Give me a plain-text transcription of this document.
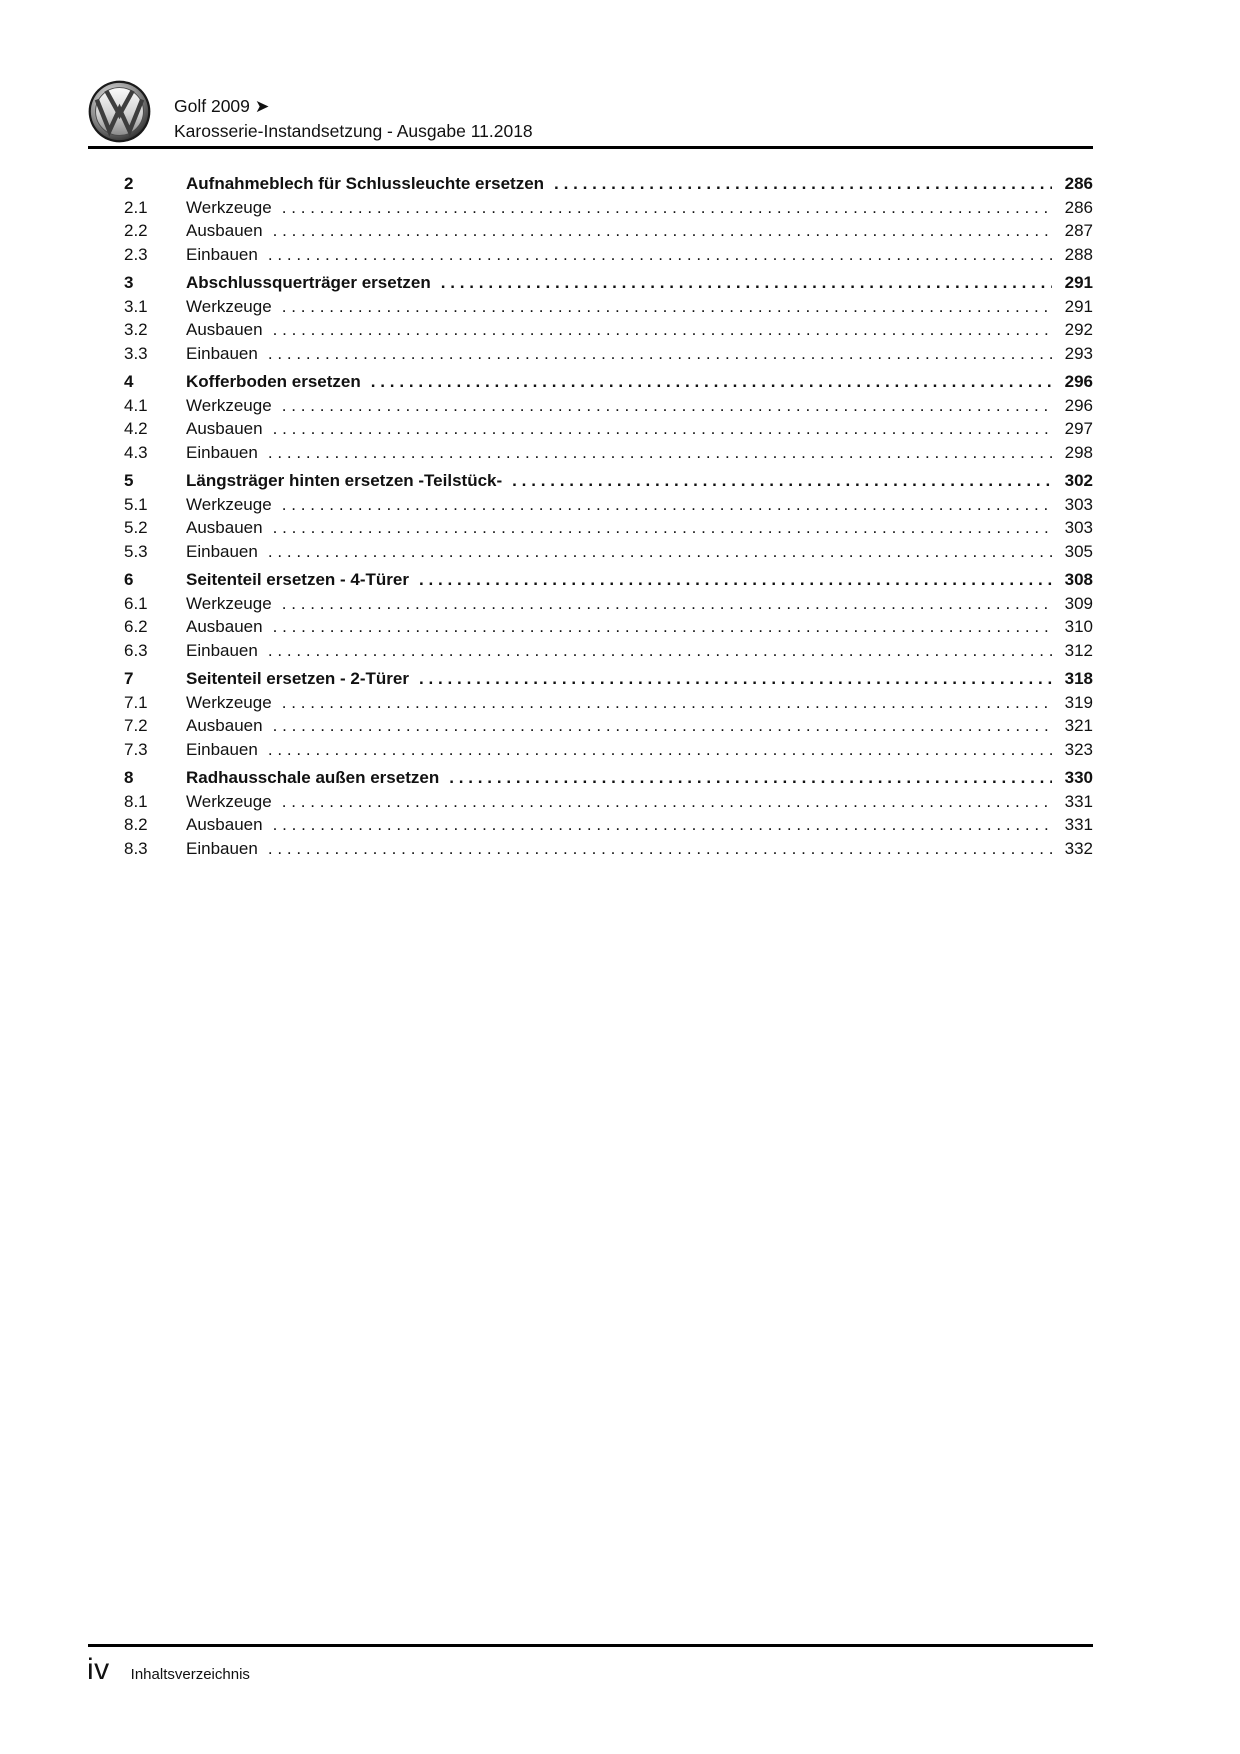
Golf 2009 ➤
Karosserie-Instandsetzung - Ausgabe 11.2018
2	Aufnahmeblech für Schlussleuchte ersetzen .....	286
2.1	Werkzeuge .....	286
2.2	Ausbauen .....	287
2.3	Einbauen .....	288
3	Abschlussquerträger ersetzen .....	291
3.1	Werkzeuge .....	291
3.2	Ausbauen .....	292
3.3	Einbauen .....	293
4	Kofferboden ersetzen .....	296
4.1	Werkzeuge .....	296
4.2	Ausbauen .....	297
4.3	Einbauen .....	298
5	Längsträger hinten ersetzen -Teilstück- .....	302
5.1	Werkzeuge .....	303
5.2	Ausbauen .....	303
5.3	Einbauen .....	305
6	Seitenteil ersetzen - 4-Türer .....	308
6.1	Werkzeuge .....	309
6.2	Ausbauen .....	310
6.3	Einbauen .....	312
7	Seitenteil ersetzen - 2-Türer .....	318
7.1	Werkzeuge .....	319
7.2	Ausbauen .....	321
7.3	Einbauen .....	323
8	Radhausschale außen ersetzen .....	330
8.1	Werkzeuge .....	331
8.2	Ausbauen .....	331
8.3	Einbauen .....	332
iv Inhaltsverzeichnis
